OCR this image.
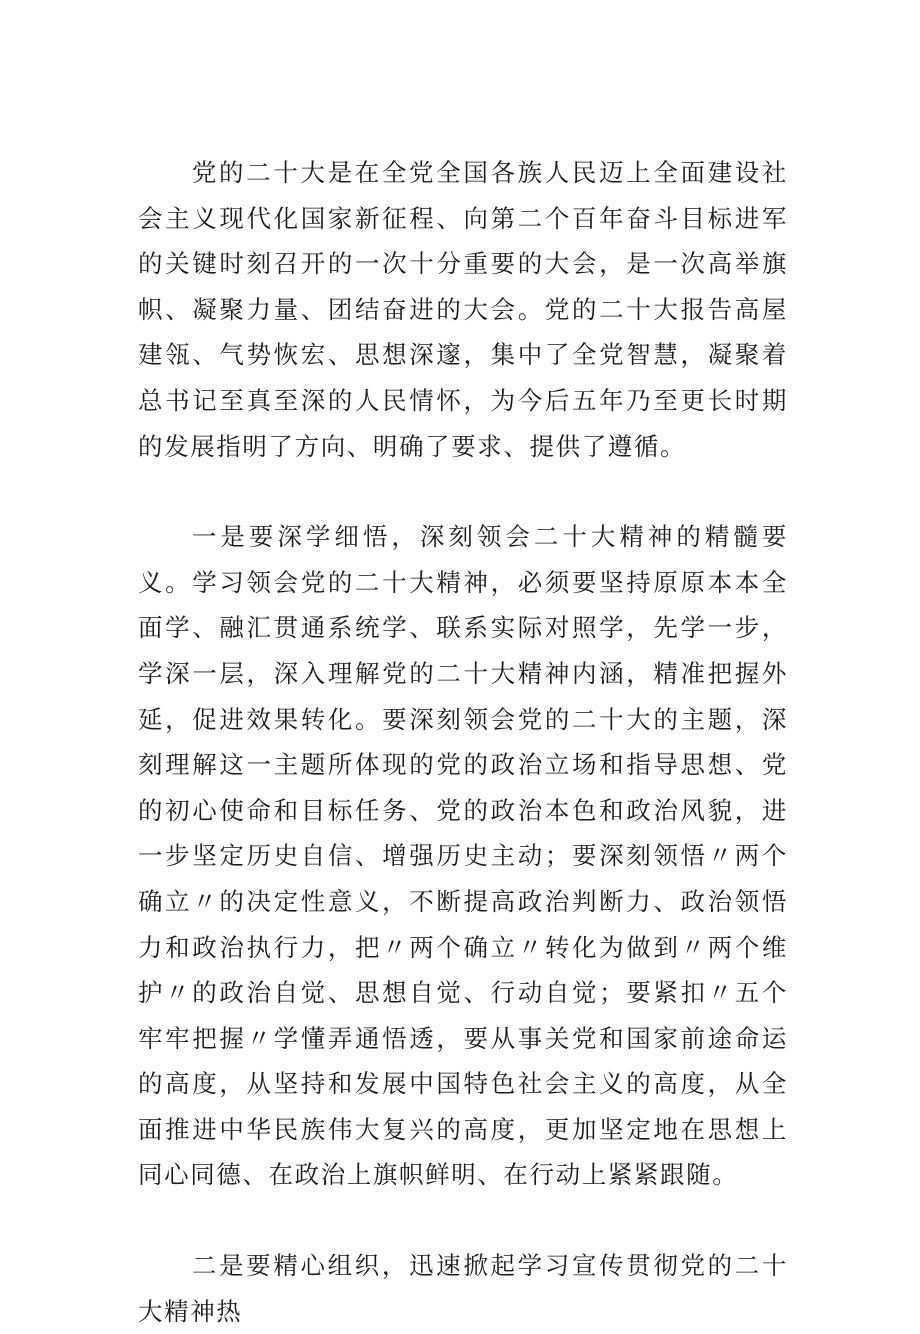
党的二十大是在全党全国各族人民迈上全面建设社会主义现代化国家新征程、向第二个百年奋斗目标进军的关键时刻召开的一次十分重要的大会，是一次高举旗帜、凝聚力量、团结奋进的大会。党的二十大报告高屋建瓴、气势恢宏、思想深邃，集中了全党智慧，凝聚着总书记至真至深的人民情怀，为今后五年乃至更长时期的发展指明了方向、明确了要求、提供了遵循。

一是要深学细悟，深刻领会二十大精神的精髓要义。学习领会党的二十大精神，必须要坚持原原本本全面学、融汇贯通系统学、联系实际对照学，先学一步，学深一层，深入理解党的二十大精神内涵，精准把握外延，促进效果转化。要深刻领会党的二十大的主题，深刻理解这一主题所体现的党的政治立场和指导思想、党的初心使命和目标任务、党的政治本色和政治风貌，进一步坚定历史自信、增强历史主动；要深刻领悟〃两个确立〃的决定性意义，不断提高政治判断力、政治领悟力和政治执行力，把〃两个确立〃转化为做到〃两个维护〃的政治自觉、思想自觉、行动自觉；要紧扣〃五个牢牢把握〃学懂弄通悟透，要从事关党和国家前途命运的高度，从坚持和发展中国特色社会主义的高度，从全面推进中华民族伟大复兴的高度，更加坚定地在思想上同心同德、在政治上旗帜鲜明、在行动上紧紧跟随。

二是要精心组织，迅速掀起学习宣传贯彻党的二十大精神热
